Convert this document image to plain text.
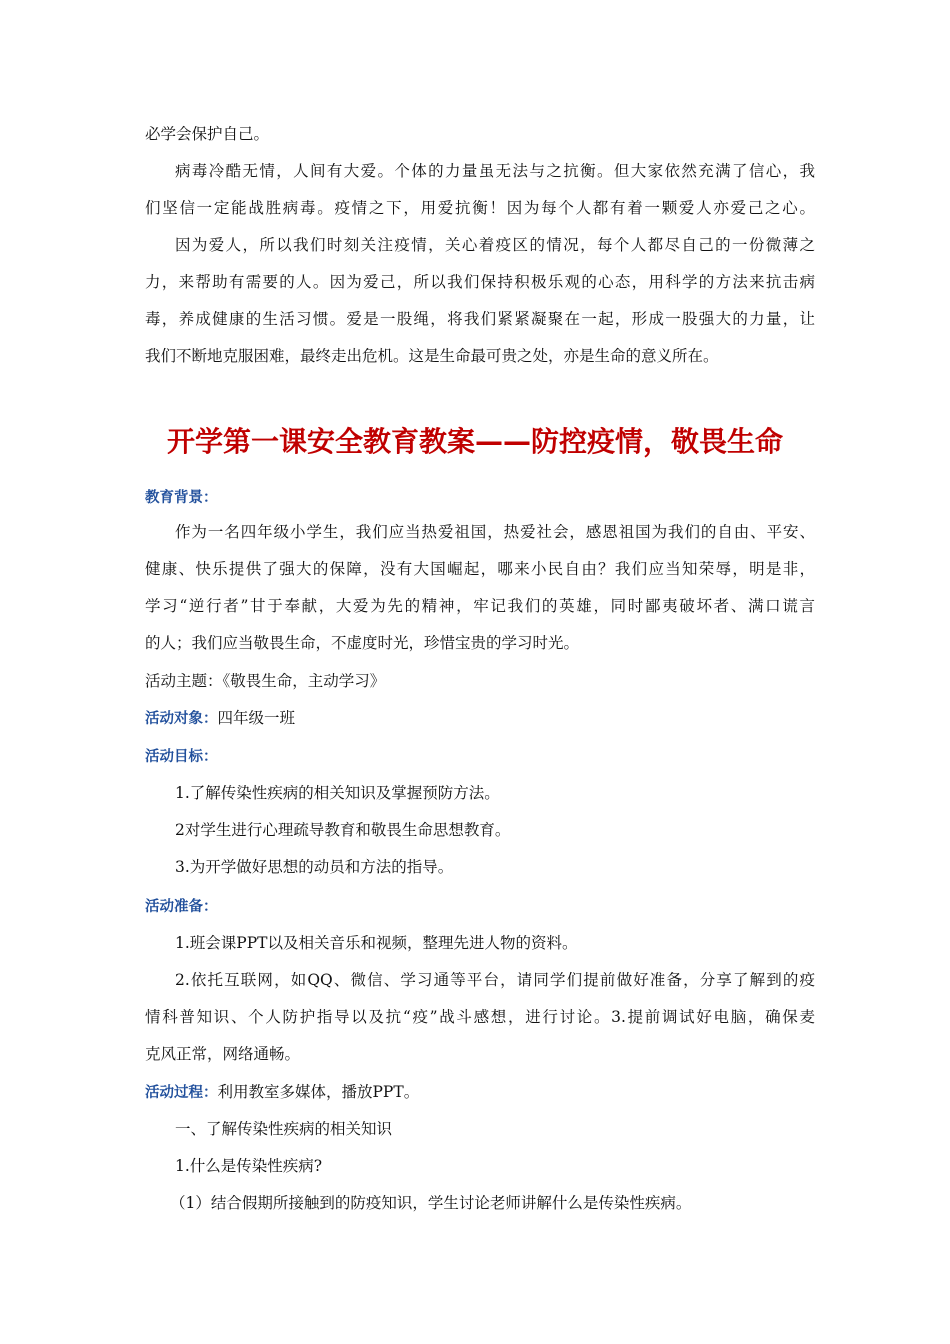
必学会保护自己。
病毒冷酷无情，人间有大爱。个体的力量虽无法与之抗衡。但大家依然充满了信心，我
们坚信一定能战胜病毒。疫情之下，用爱抗衡！因为每个人都有着一颗爱人亦爱己之心。
因为爱人，所以我们时刻关注疫情，关心着疫区的情况，每个人都尽自己的一份微薄之
力，来帮助有需要的人。因为爱己，所以我们保持积极乐观的心态，用科学的方法来抗击病
毒，养成健康的生活习惯。爱是一股绳，将我们紧紧凝聚在一起，形成一股强大的力量，让
我们不断地克服困难，最终走出危机。这是生命最可贵之处，亦是生命的意义所在。
开学第一课安全教育教案——防控疫情，敬畏生命
教育背景：
作为一名四年级小学生，我们应当热爱祖国，热爱社会，感恩祖国为我们的自由、平安、
健康、快乐提供了强大的保障，没有大国崛起，哪来小民自由？我们应当知荣辱，明是非，
学习“逆行者”甘于奉献，大爱为先的精神，牢记我们的英雄，同时鄙夷破坏者、满口谎言
的人；我们应当敬畏生命，不虚度时光，珍惜宝贵的学习时光。
活动主题：《敬畏生命，主动学习》
活动对象：四年级一班
活动目标：
1.了解传染性疾病的相关知识及掌握预防方法。
2对学生进行心理疏导教育和敬畏生命思想教育。
3.为开学做好思想的动员和方法的指导。
活动准备：
1.班会课PPT以及相关音乐和视频，整理先进人物的资料。
2.依托互联网，如QQ、微信、学习通等平台，请同学们提前做好准备，分享了解到的疫
情科普知识、个人防护指导以及抗“疫”战斗感想，进行讨论。3.提前调试好电脑，确保麦
克风正常，网络通畅。
活动过程：利用教室多媒体，播放PPT。
一、了解传染性疾病的相关知识
1.什么是传染性疾病?
（1）结合假期所接触到的防疫知识，学生讨论老师讲解什么是传染性疾病。
